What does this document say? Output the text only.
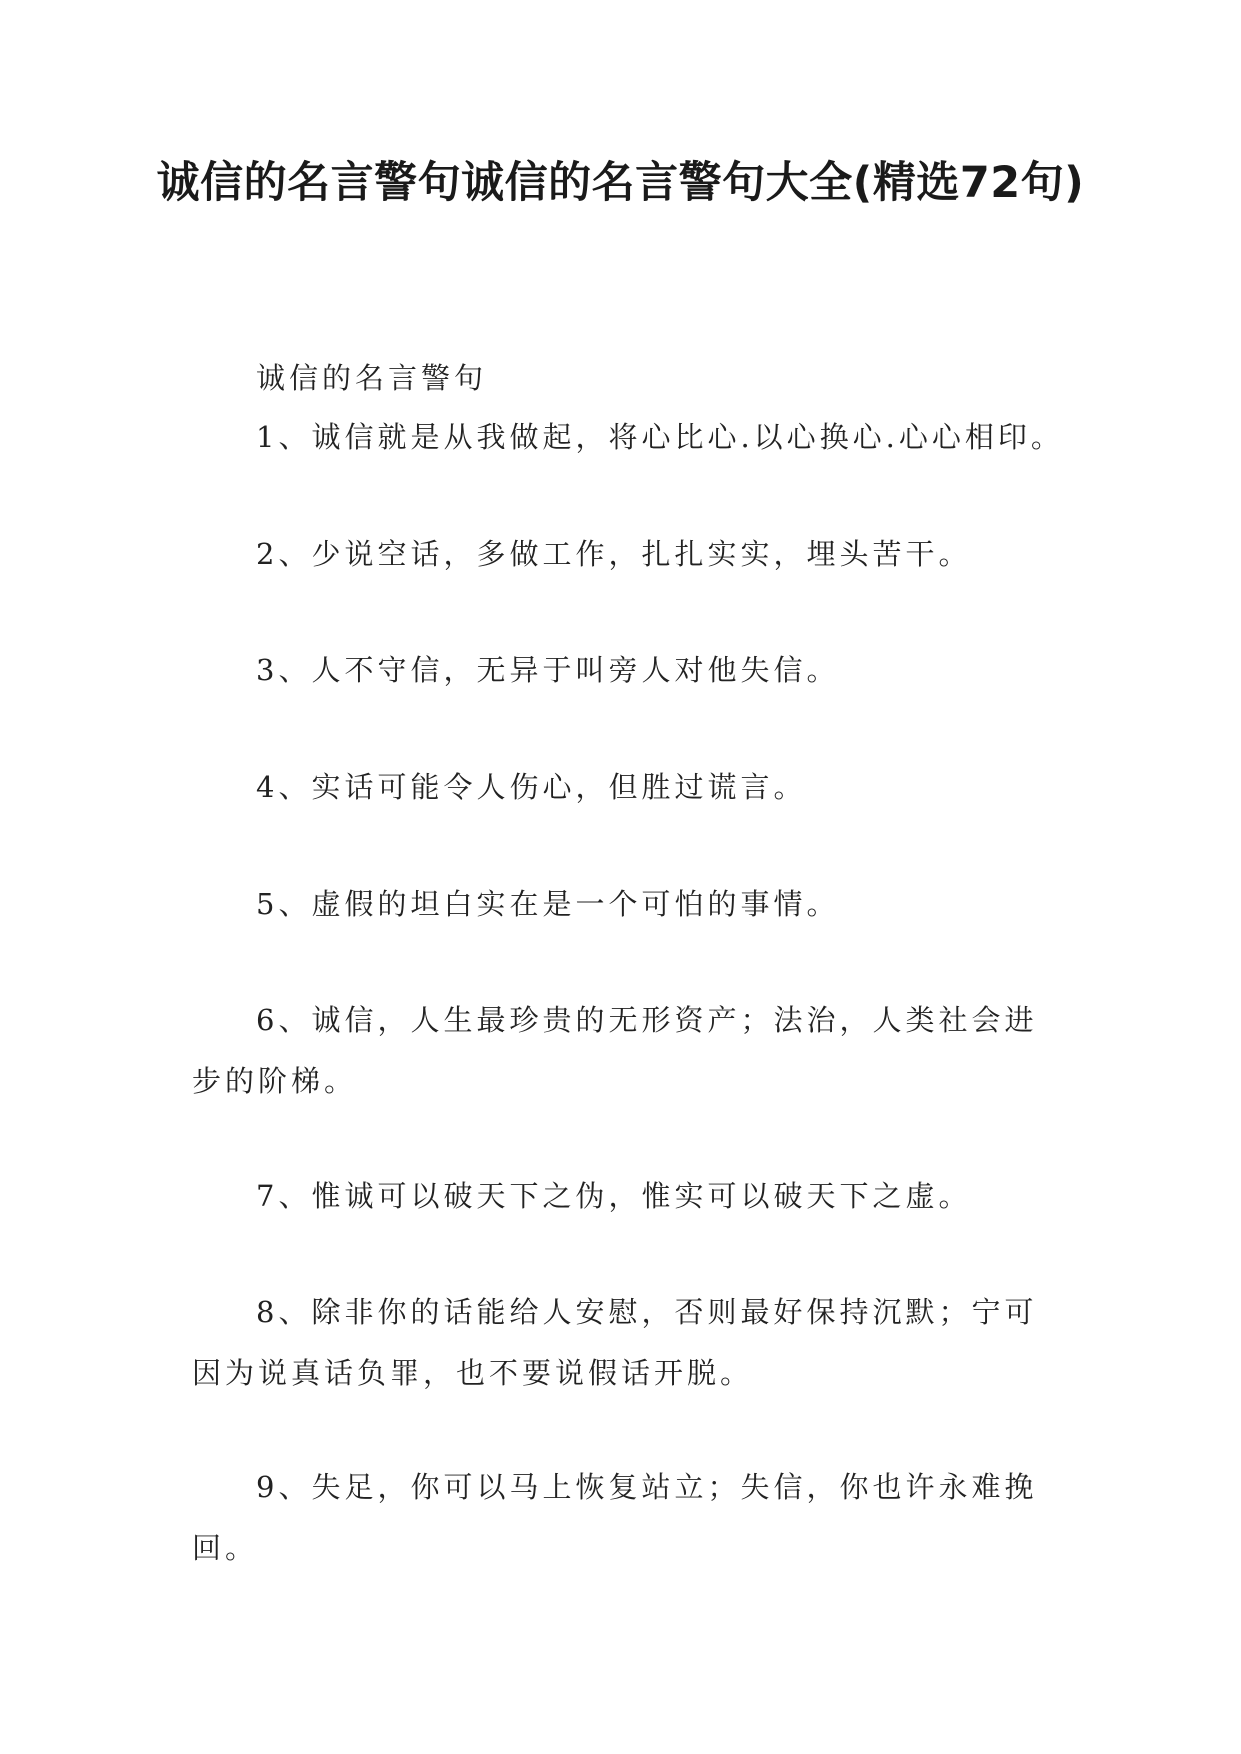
诚信的名言警句诚信的名言警句大全(精选72句)

诚信的名言警句

1、诚信就是从我做起，将心比心.以心换心.心心相印。

2、少说空话，多做工作，扎扎实实，埋头苦干。

3、人不守信，无异于叫旁人对他失信。

4、实话可能令人伤心，但胜过谎言。

5、虚假的坦白实在是一个可怕的事情。

6、诚信，人生最珍贵的无形资产；法治，人类社会进步的阶梯。

7、惟诚可以破天下之伪，惟实可以破天下之虚。

8、除非你的话能给人安慰，否则最好保持沉默；宁可因为说真话负罪，也不要说假话开脱。

9、失足，你可以马上恢复站立；失信，你也许永难挽回。
